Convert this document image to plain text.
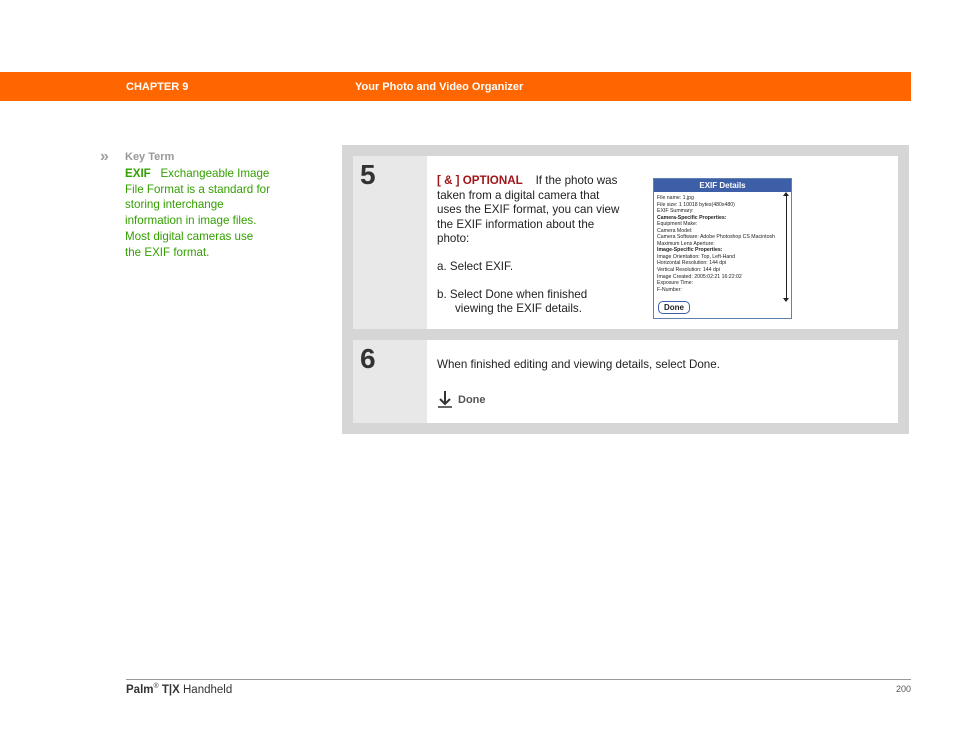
CHAPTER 9	Your Photo and Video Organizer
» Key Term
EXIF Exchangeable Image File Format is a standard for storing interchange information in image files. Most digital cameras use the EXIF format.
5	[ & ] OPTIONAL If the photo was taken from a digital camera that uses the EXIF format, you can view the EXIF information about the photo:

a. Select EXIF.

b. Select Done when finished viewing the EXIF details.

EXIF Details
File name: 1.jpg
File size: 1 10018 bytes(480x480)
EXIF Summary:
Camera-Specific Properties:
Equipment Make:
Camera Model:
Camera Software: Adobe Photoshop CS Macintosh
Maximum Lens Aperture:
Image-Specific Properties:
Image Orientation: Top, Left-Hand
Horizontal Resolution: 144 dpi
Vertical Resolution: 144 dpi
Image Created: 2005:02:21 16:22:02
Exposure Time:
F-Number:
Done
6	When finished editing and viewing details, select Done.
Done
Palm® T|X Handheld	200
